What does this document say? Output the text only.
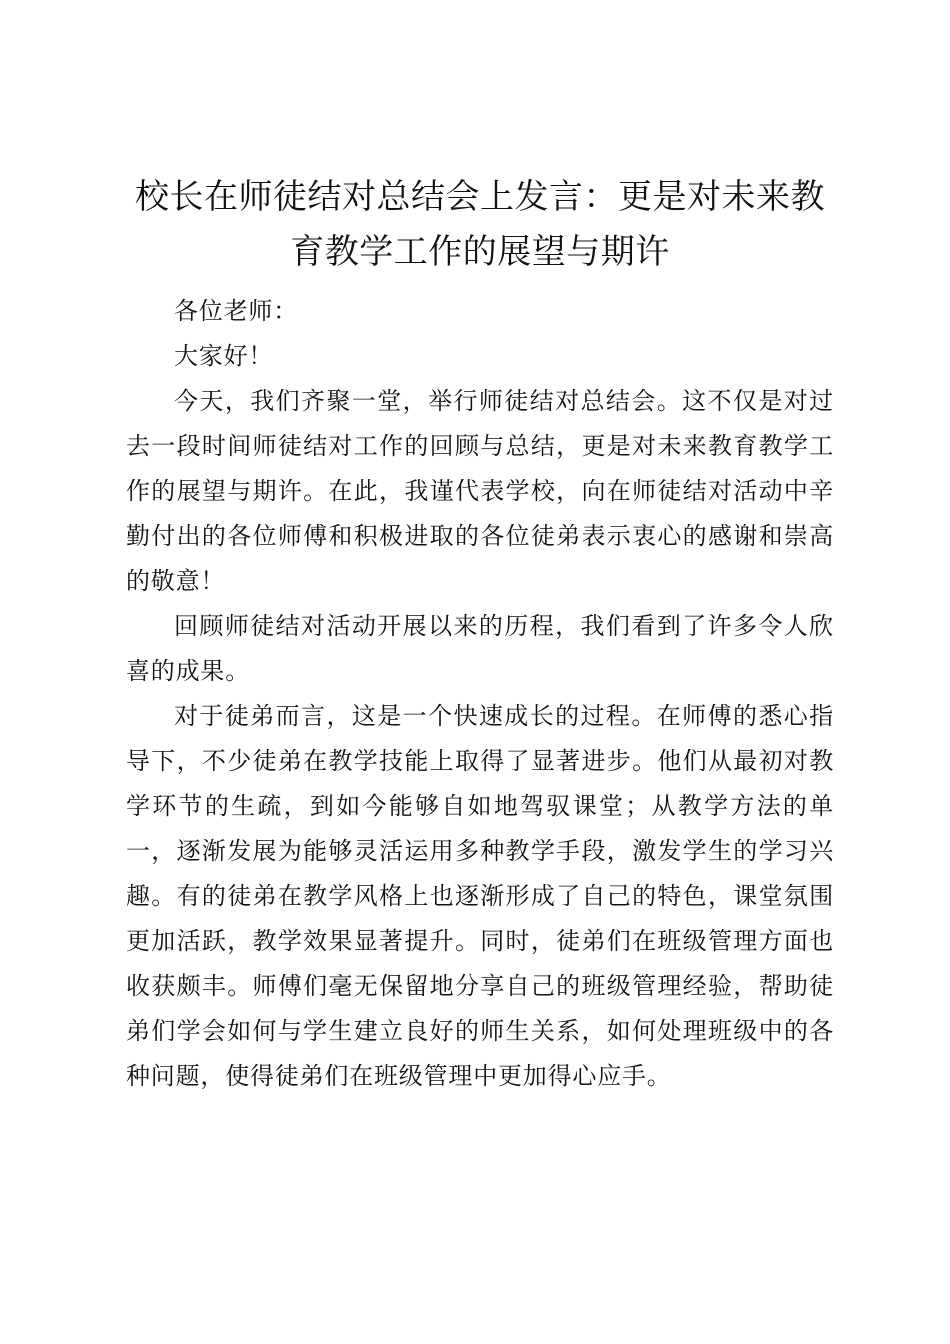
校长在师徒结对总结会上发言：更是对未来教育教学工作的展望与期许

各位老师：

大家好！

今天，我们齐聚一堂，举行师徒结对总结会。这不仅是对过去一段时间师徒结对工作的回顾与总结，更是对未来教育教学工作的展望与期许。在此，我谨代表学校，向在师徒结对活动中辛勤付出的各位师傅和积极进取的各位徒弟表示衷心的感谢和崇高的敬意！

回顾师徒结对活动开展以来的历程，我们看到了许多令人欣喜的成果。

对于徒弟而言，这是一个快速成长的过程。在师傅的悉心指导下，不少徒弟在教学技能上取得了显著进步。他们从最初对教学环节的生疏，到如今能够自如地驾驭课堂；从教学方法的单一，逐渐发展为能够灵活运用多种教学手段，激发学生的学习兴趣。有的徒弟在教学风格上也逐渐形成了自己的特色，课堂氛围更加活跃，教学效果显著提升。同时，徒弟们在班级管理方面也收获颇丰。师傅们毫无保留地分享自己的班级管理经验，帮助徒弟们学会如何与学生建立良好的师生关系，如何处理班级中的各种问题，使得徒弟们在班级管理中更加得心应手。
